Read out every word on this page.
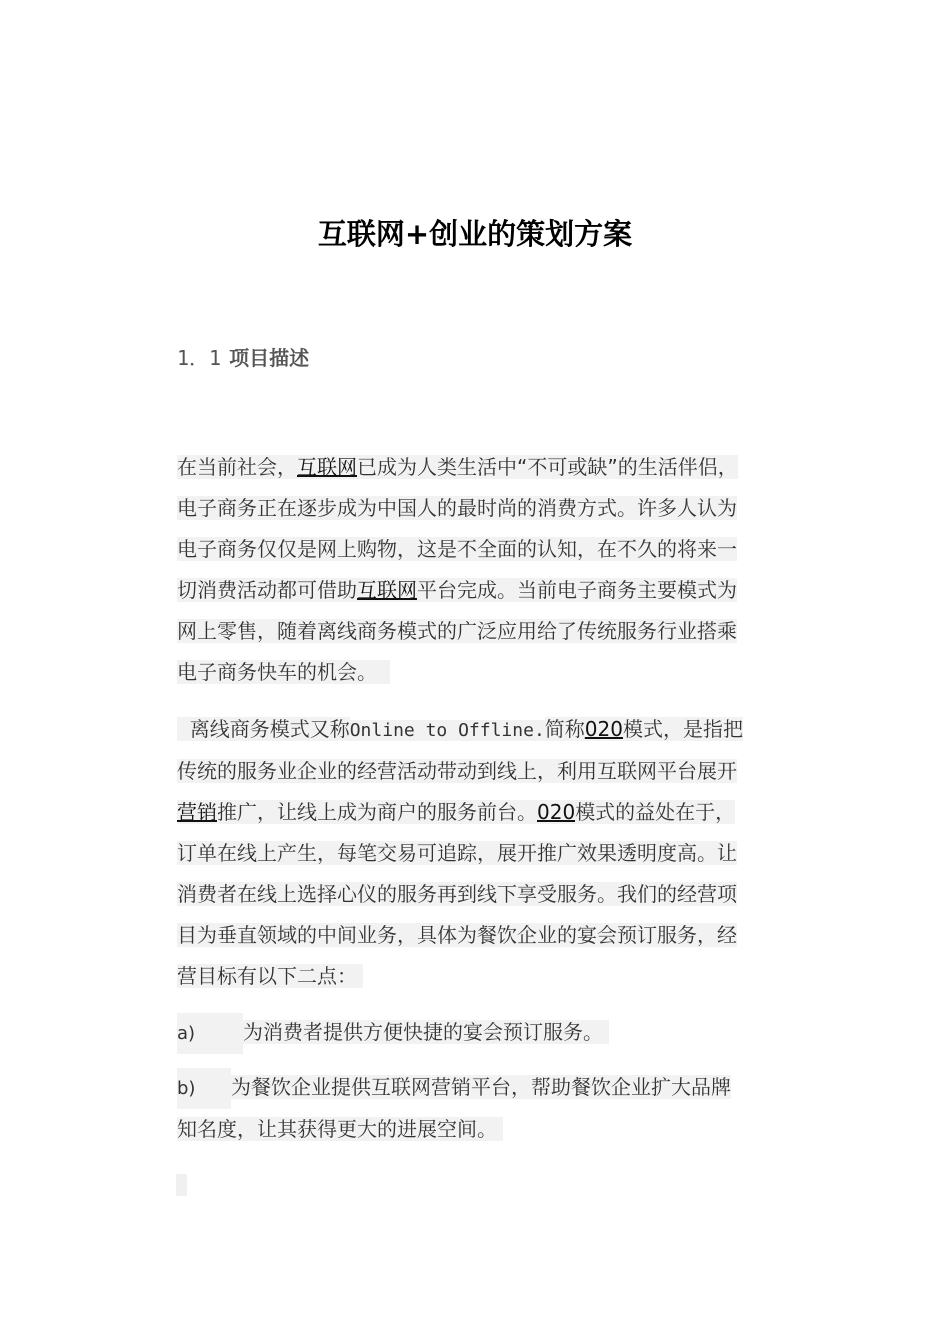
互联网+创业的策划方案
1．1 项目描述
在当前社会，互联网已成为人类生活中“不可或缺”的生活伴侣，
电子商务正在逐步成为中国人的最时尚的消费方式。许多人认为
电子商务仅仅是网上购物，这是不全面的认知，在不久的将来一
切消费活动都可借助互联网平台完成。当前电子商务主要模式为
网上零售，随着离线商务模式的广泛应用给了传统服务行业搭乘
电子商务快车的机会。
离线商务模式又称Online to Offline.简称020模式，是指把
传统的服务业企业的经营活动带动到线上，利用互联网平台展开
营销推广，让线上成为商户的服务前台。020模式的益处在于，
订单在线上产生，每笔交易可追踪，展开推广效果透明度高。让
消费者在线上选择心仪的服务再到线下享受服务。我们的经营项
目为垂直领域的中间业务，具体为餐饮企业的宴会预订服务，经
营目标有以下二点：
a) 为消费者提供方便快捷的宴会预订服务。
b) 为餐饮企业提供互联网营销平台，帮助餐饮企业扩大品牌
知名度，让其获得更大的进展空间。
